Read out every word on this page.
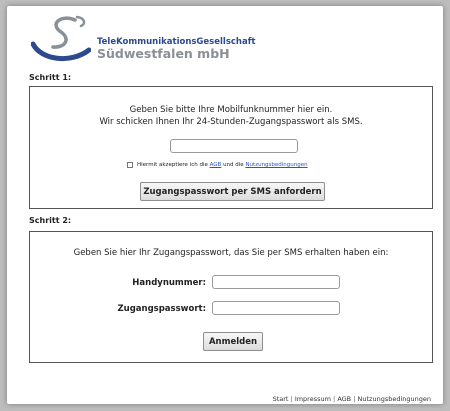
TeleKommunikationsGesellschaft
Südwestfalen mbH
Schritt 1:
Geben Sie bitte Ihre Mobilfunknummer hier ein.
Wir schicken Ihnen Ihr 24-Stunden-Zugangspasswort als SMS.
Hiermit akzeptiere ich die
AGB
und die
Nutzungsbedingungen
Zugangspasswort per SMS anfordern
Schritt 2:
Geben Sie hier Ihr Zugangspasswort, das Sie per SMS erhalten haben ein:
Handynummer:
Zugangspasswort:
Anmelden
Start | Impressum | AGB | Nutzungsbedingungen
